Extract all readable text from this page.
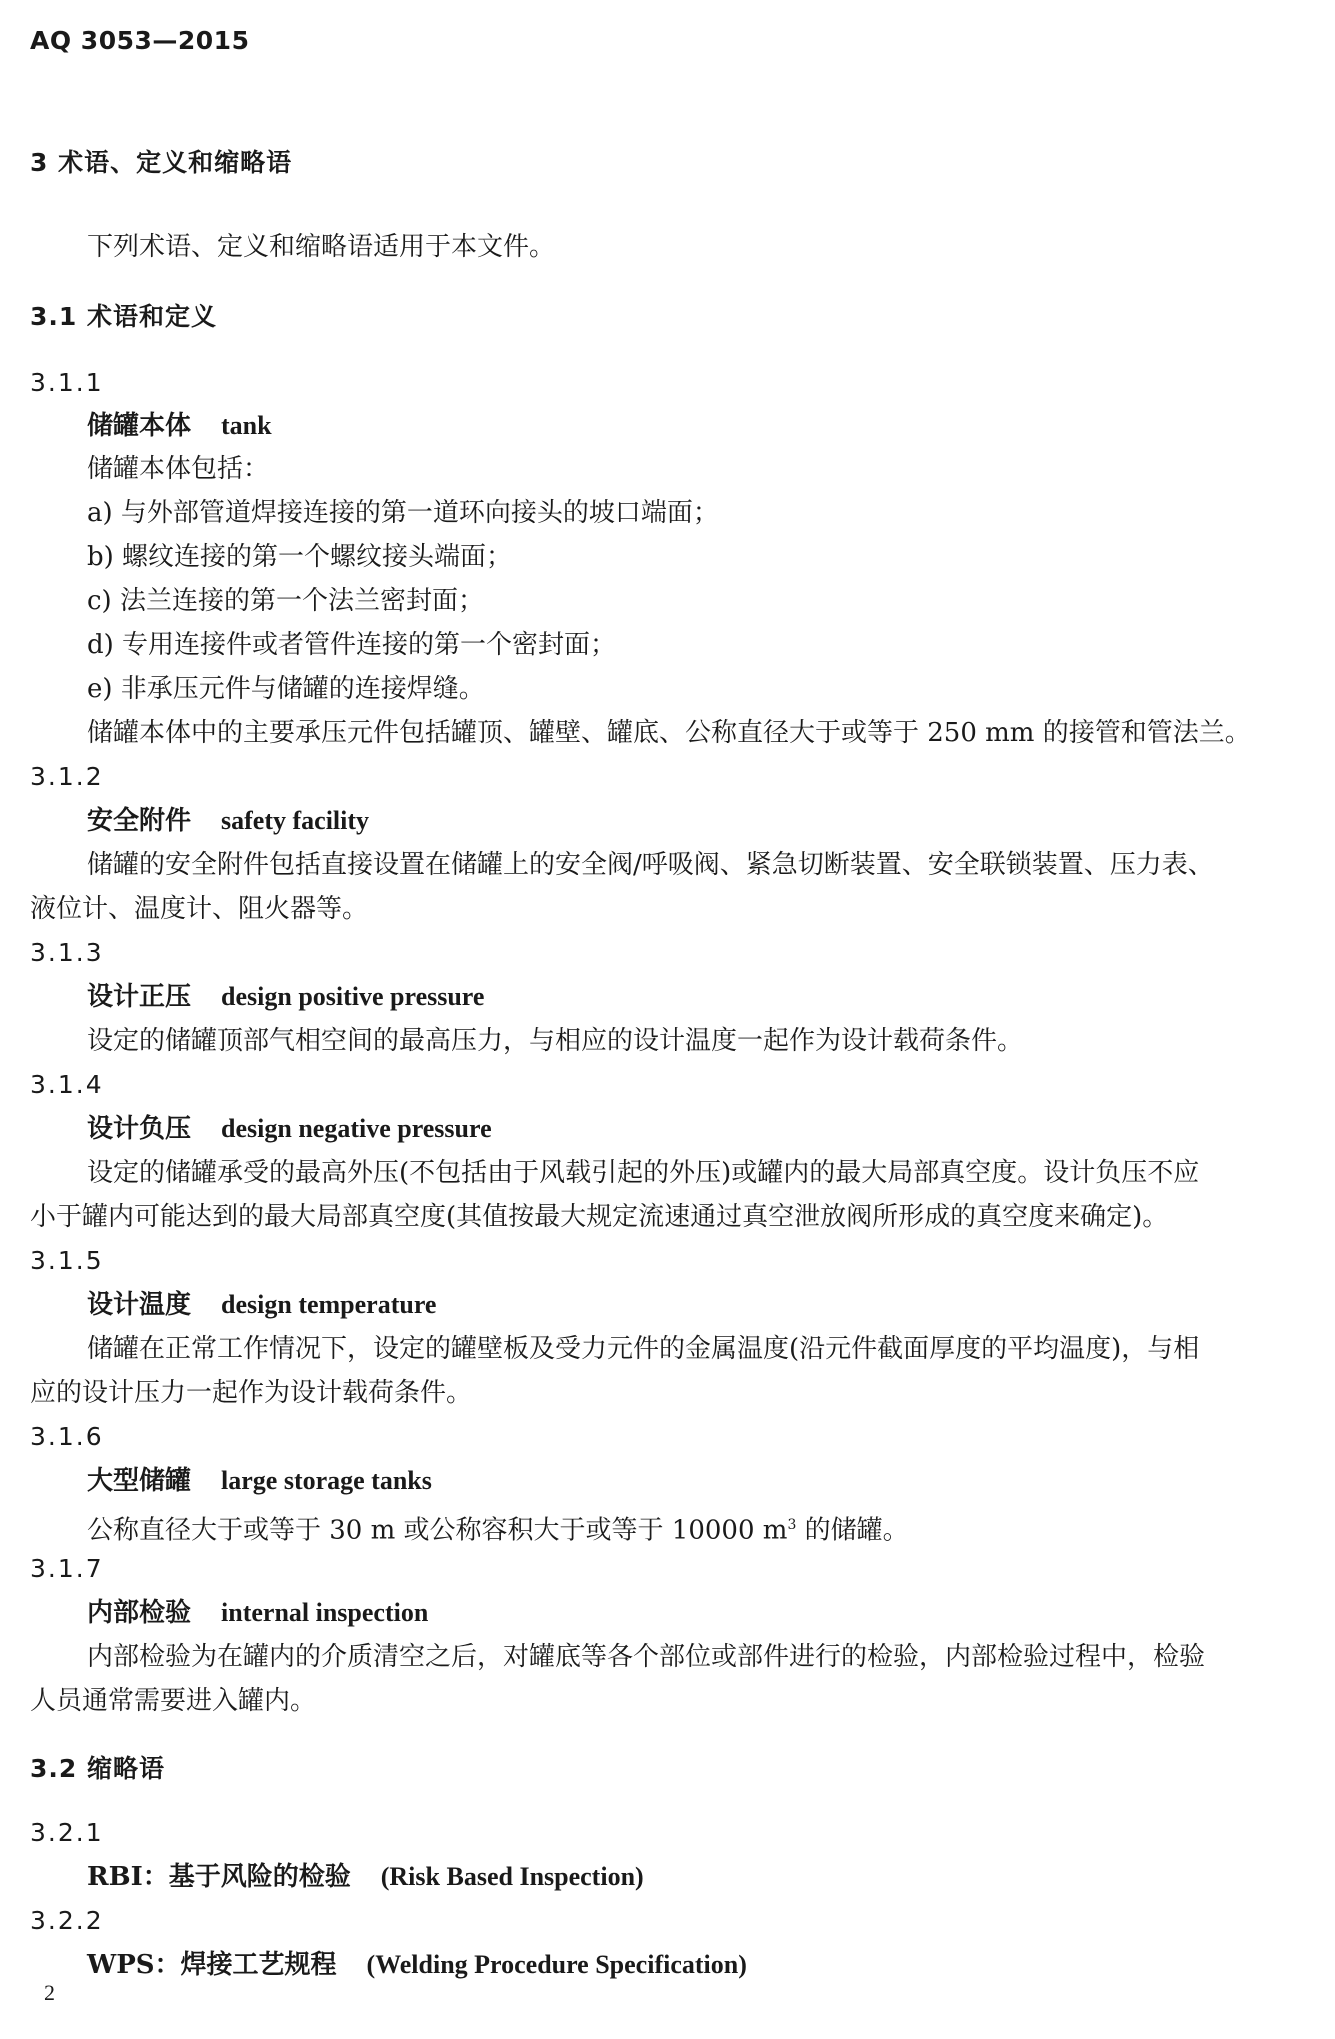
AQ 3053—2015
3 术语、定义和缩略语
下列术语、定义和缩略语适用于本文件。
3.1 术语和定义
3.1.1
储罐本体 tank
储罐本体包括：
a) 与外部管道焊接连接的第一道环向接头的坡口端面；
b) 螺纹连接的第一个螺纹接头端面；
c) 法兰连接的第一个法兰密封面；
d) 专用连接件或者管件连接的第一个密封面；
e) 非承压元件与储罐的连接焊缝。
储罐本体中的主要承压元件包括罐顶、罐壁、罐底、公称直径大于或等于 250 mm 的接管和管法兰。
3.1.2
安全附件 safety facility
储罐的安全附件包括直接设置在储罐上的安全阀/呼吸阀、紧急切断装置、安全联锁装置、压力表、
液位计、温度计、阻火器等。
3.1.3
设计正压 design positive pressure
设定的储罐顶部气相空间的最高压力，与相应的设计温度一起作为设计载荷条件。
3.1.4
设计负压 design negative pressure
设定的储罐承受的最高外压(不包括由于风载引起的外压)或罐内的最大局部真空度。设计负压不应
小于罐内可能达到的最大局部真空度(其值按最大规定流速通过真空泄放阀所形成的真空度来确定)。
3.1.5
设计温度 design temperature
储罐在正常工作情况下，设定的罐壁板及受力元件的金属温度(沿元件截面厚度的平均温度)，与相
应的设计压力一起作为设计载荷条件。
3.1.6
大型储罐 large storage tanks
公称直径大于或等于 30 m 或公称容积大于或等于 10000 $m^3$ 的储罐。
3.1.7
内部检验 internal inspection
内部检验为在罐内的介质清空之后，对罐底等各个部位或部件进行的检验，内部检验过程中，检验
人员通常需要进入罐内。
3.2 缩略语
3.2.1
RBI：基于风险的检验 (Risk Based Inspection)
3.2.2
WPS：焊接工艺规程 (Welding Procedure Specification)
2
